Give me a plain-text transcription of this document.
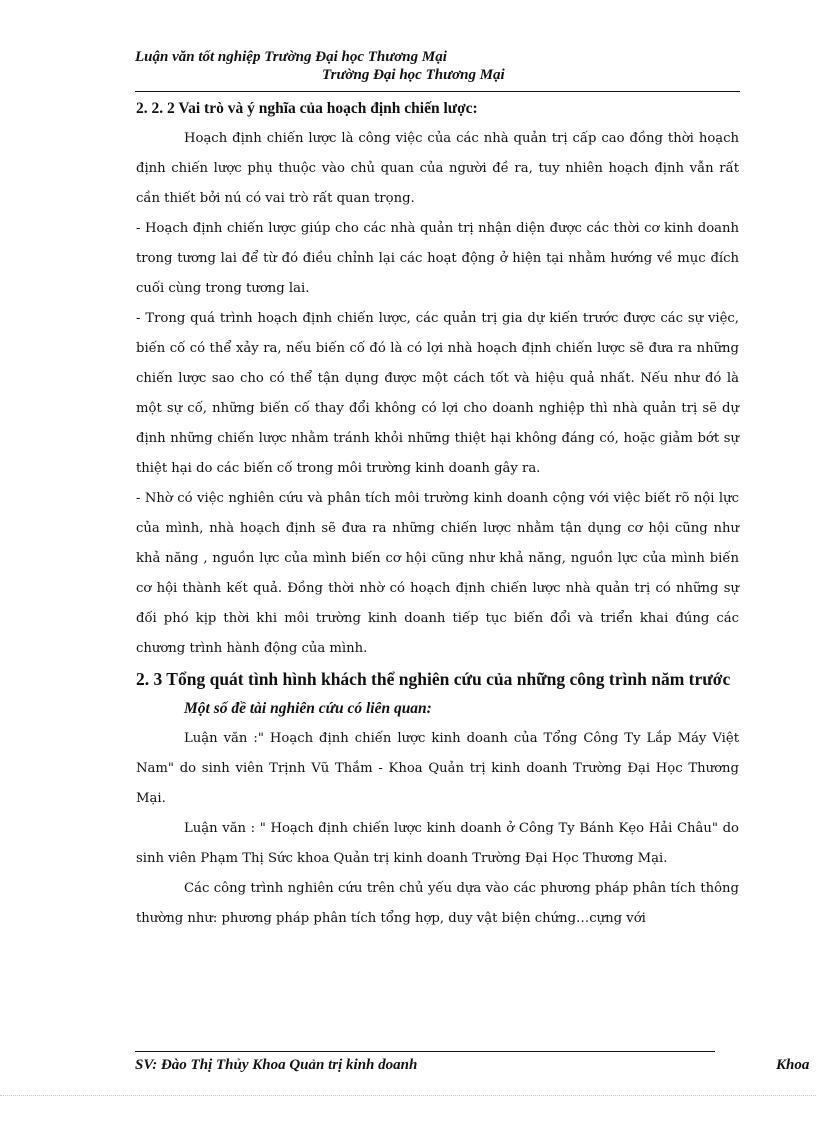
Luận văn tốt nghiệp Trường Đại học Thương Mại
Trường Đại học Thương Mại

2. 2. 2 Vai trò và ý nghĩa của hoạch định chiến lược:

Hoạch định chiến lược là công việc của các nhà quản trị cấp cao đồng thời hoạch định chiến lược phụ thuộc vào chủ quan của người đề ra, tuy nhiên hoạch định vẫn rất cần thiết bởi nú có vai trò rất quan trọng.

- Hoạch định chiến lược giúp cho các nhà quản trị nhận diện được các thời cơ kinh doanh trong tương lai để từ đó điều chỉnh lại các hoạt động ở hiện tại nhằm hướng về mục đích cuối cùng trong tương lai.

- Trong quá trình hoạch định chiến lược, các quản trị gia dự kiến trước được các sự việc, biến cố có thể xảy ra, nếu biến cố đó là có lợi nhà hoạch định chiến lược sẽ đưa ra những chiến lược sao cho có thể tận dụng được một cách tốt và hiệu quả nhất. Nếu như đó là một sự cố, những biến cố thay đổi không có lợi cho doanh nghiệp thì nhà quản trị sẽ dự định những chiến lược nhằm tránh khỏi những thiệt hại không đáng có, hoặc giảm bớt sự thiệt hại do các biến cố trong môi trường kinh doanh gây ra.

- Nhờ có việc nghiên cứu và phân tích môi trường kinh doanh cộng với việc biết rõ nội lực của mình, nhà hoạch định sẽ đưa ra những chiến lược nhằm tận dụng cơ hội cũng như khả năng , nguồn lực của mình biến cơ hội cũng như khả năng, nguồn lực của mình biến cơ hội thành kết quả. Đồng thời nhờ có hoạch định chiến lược nhà quản trị có những sự đối phó kịp thời khi môi trường kinh doanh tiếp tục biến đổi và triển khai đúng các chương trình hành động của mình.

2. 3 Tổng quát tình hình khách thể nghiên cứu của những công trình năm trước

Một số đề tài nghiên cứu có liên quan:

Luận văn :" Hoạch định chiến lược kinh doanh của Tổng Công Ty Lắp Máy Việt Nam" do sinh viên Trịnh Vũ Thắm - Khoa Quản trị kinh doanh Trường Đại Học Thương Mại.

Luận văn : " Hoạch định chiến lược kinh doanh ở Công Ty Bánh Kẹo Hải Châu" do sinh viên Phạm Thị Sức khoa Quản trị kinh doanh Trường Đại Học Thương Mại.

Các công trình nghiên cứu trên chủ yếu dựa vào các phương pháp phân tích thông thường như: phương pháp phân tích tổng hợp, duy vật biện chứng…cựng với

SV: Đào Thị Thủy Khoa Quản trị kinh doanh	Khoa
